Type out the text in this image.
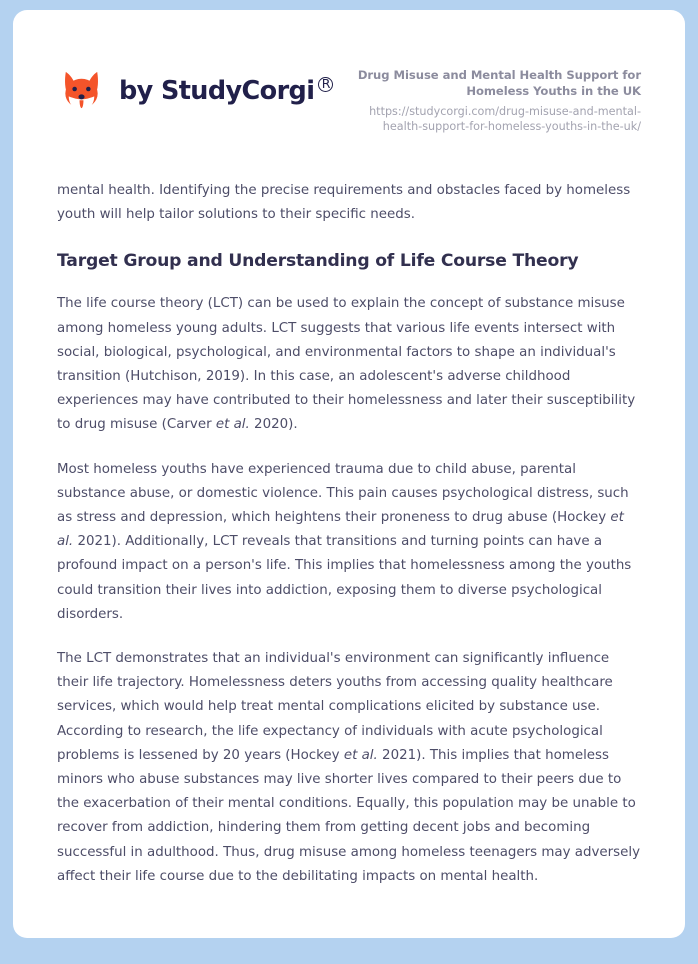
by StudyCorgi R
Drug Misuse and Mental Health Support for Homeless Youths in the UK
https://studycorgi.com/drug-misuse-and-mental-health-support-for-homeless-youths-in-the-uk/

mental health. Identifying the precise requirements and obstacles faced by homeless youth will help tailor solutions to their specific needs.

Target Group and Understanding of Life Course Theory

The life course theory (LCT) can be used to explain the concept of substance misuse among homeless young adults. LCT suggests that various life events intersect with social, biological, psychological, and environmental factors to shape an individual's transition (Hutchison, 2019). In this case, an adolescent's adverse childhood experiences may have contributed to their homelessness and later their susceptibility to drug misuse (Carver et al. 2020).

Most homeless youths have experienced trauma due to child abuse, parental substance abuse, or domestic violence. This pain causes psychological distress, such as stress and depression, which heightens their proneness to drug abuse (Hockey et al. 2021). Additionally, LCT reveals that transitions and turning points can have a profound impact on a person's life. This implies that homelessness among the youths could transition their lives into addiction, exposing them to diverse psychological disorders.

The LCT demonstrates that an individual's environment can significantly influence their life trajectory. Homelessness deters youths from accessing quality healthcare services, which would help treat mental complications elicited by substance use. According to research, the life expectancy of individuals with acute psychological problems is lessened by 20 years (Hockey et al. 2021). This implies that homeless minors who abuse substances may live shorter lives compared to their peers due to the exacerbation of their mental conditions. Equally, this population may be unable to recover from addiction, hindering them from getting decent jobs and becoming successful in adulthood. Thus, drug misuse among homeless teenagers may adversely affect their life course due to the debilitating impacts on mental health.
